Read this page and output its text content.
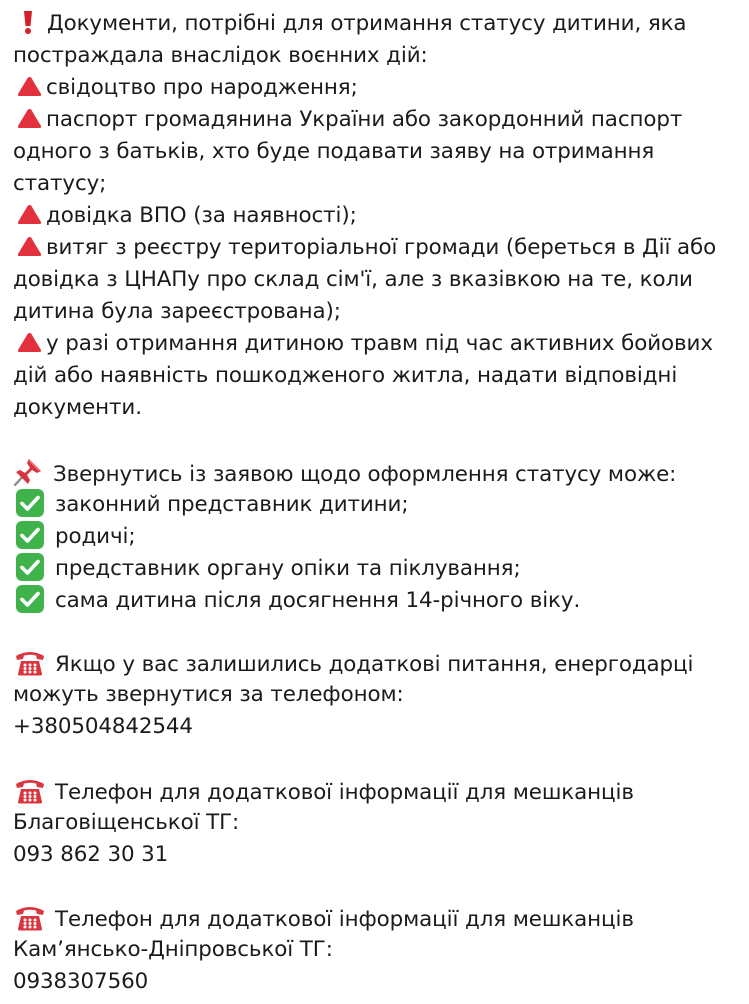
Документи, потрібні для отримання статусу дитини, яка
постраждала внаслідок воєнних дій:
свідоцтво про народження;
паспорт громадянина України або закордонний паспорт
одного з батьків, хто буде подавати заяву на отримання
статусу;
довідка ВПО (за наявності);
витяг з реєстру територіальної громади (береться в Дії або
довідка з ЦНАПу про склад сім'ї, але з вказівкою на те, коли
дитина була зареєстрована);
у разі отримання дитиною травм під час активних бойових
дій або наявність пошкодженого житла, надати відповідні
документи.
Звернутись із заявою щодо оформлення статусу може:
законний представник дитини;
родичі;
представник органу опіки та піклування;
сама дитина після досягнення 14-річного віку.
Якщо у вас залишились додаткові питання, енергодарці
можуть звернутися за телефоном:
+380504842544
Телефон для додаткової інформації для мешканців
Благовіщенської ТГ:
093 862 30 31
Телефон для додаткової інформації для мешканців
Кам’янсько-Дніпровської ТГ:
0938307560
